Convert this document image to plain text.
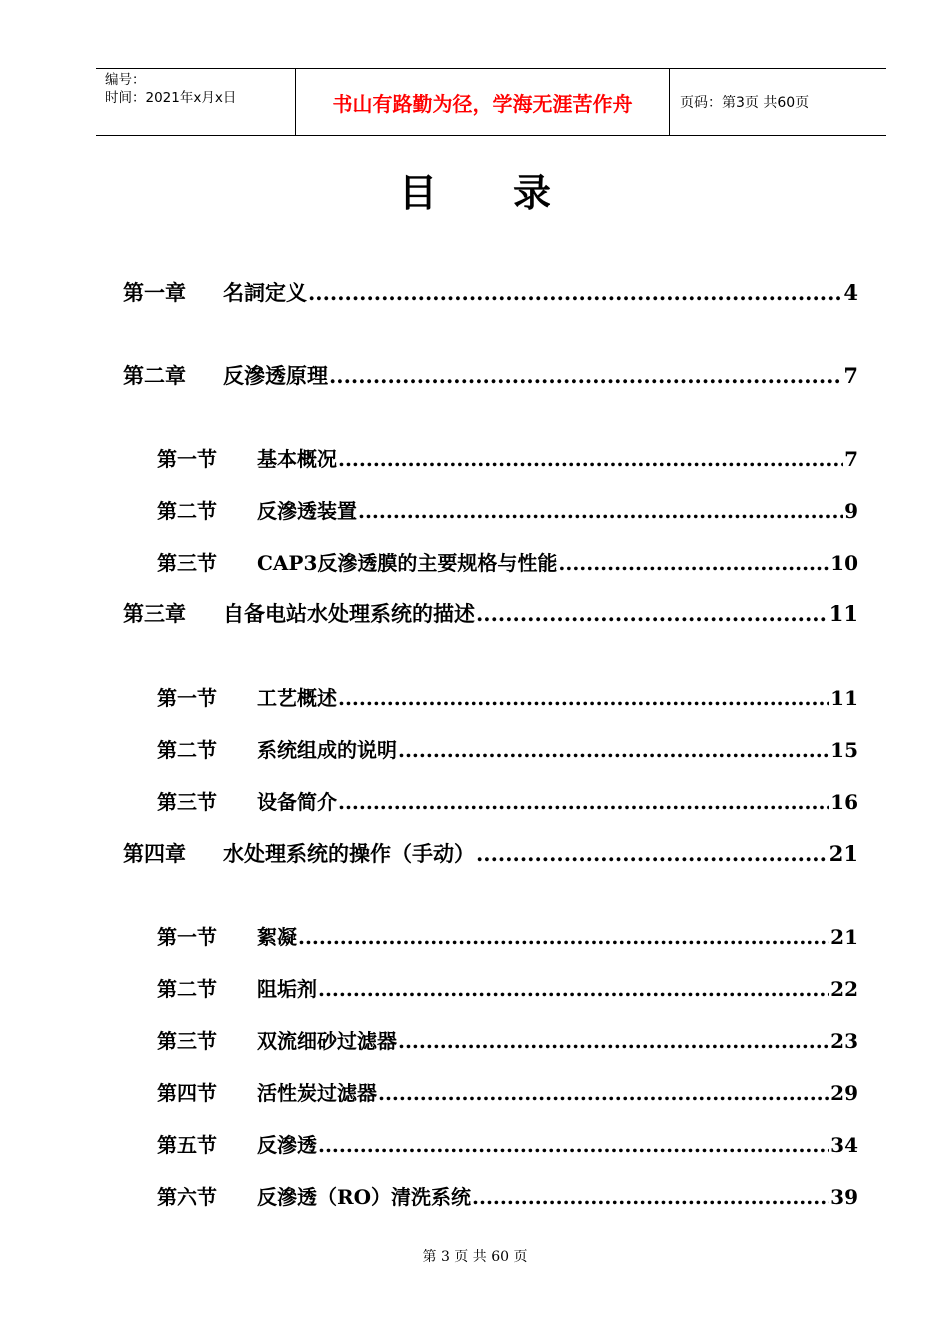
编号：
时间：2021年x月x日	书山有路勤为径，学海无涯苦作舟	页码：第3页 共60页
目　　录
第一章	名詞定义 .....	4
第二章	反滲透原理 .....	7
第一节	基本概况 .....	7
第二节	反滲透装置 .....	9
第三节	CAP3反滲透膜的主要规格与性能 .....	10
第三章	自备电站水处理系统的描述 .....	11
第一节	工艺概述 .....	11
第二节	系统组成的说明 .....	15
第三节	设备简介 .....	16
第四章	水处理系统的操作（手动） .....	21
第一节	絮凝 .....	21
第二节	阻垢剂 .....	22
第三节	双流细砂过滤器 .....	23
第四节	活性炭过滤器 .....	29
第五节	反滲透 .....	34
第六节	反滲透（RO）清洗系统 .....	39
第 3 页 共 60 页
